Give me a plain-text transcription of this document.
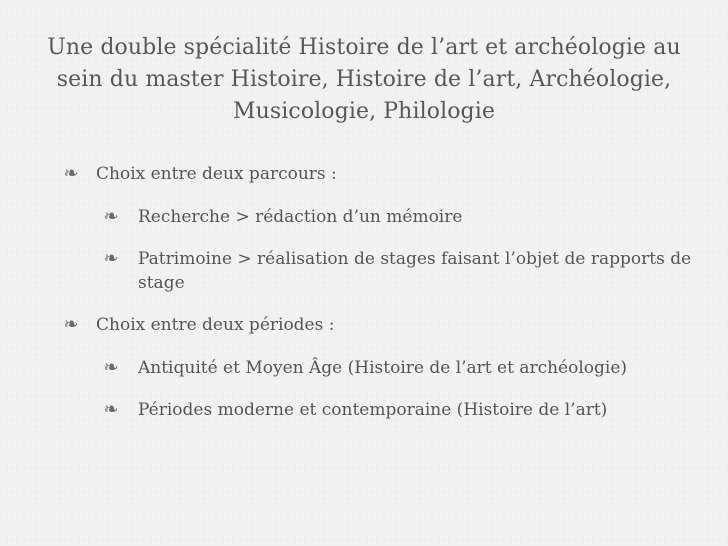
Une double spécialité Histoire de l’art et archéologie au sein du master Histoire, Histoire de l’art, Archéologie, Musicologie, Philologie
❧ Choix entre deux parcours :
❧ Recherche > rédaction d’un mémoire
❧ Patrimoine > réalisation de stages faisant l’objet de rapports de stage
❧ Choix entre deux périodes :
❧ Antiquité et Moyen Âge (Histoire de l’art et archéologie)
❧ Périodes moderne et contemporaine (Histoire de l’art)
